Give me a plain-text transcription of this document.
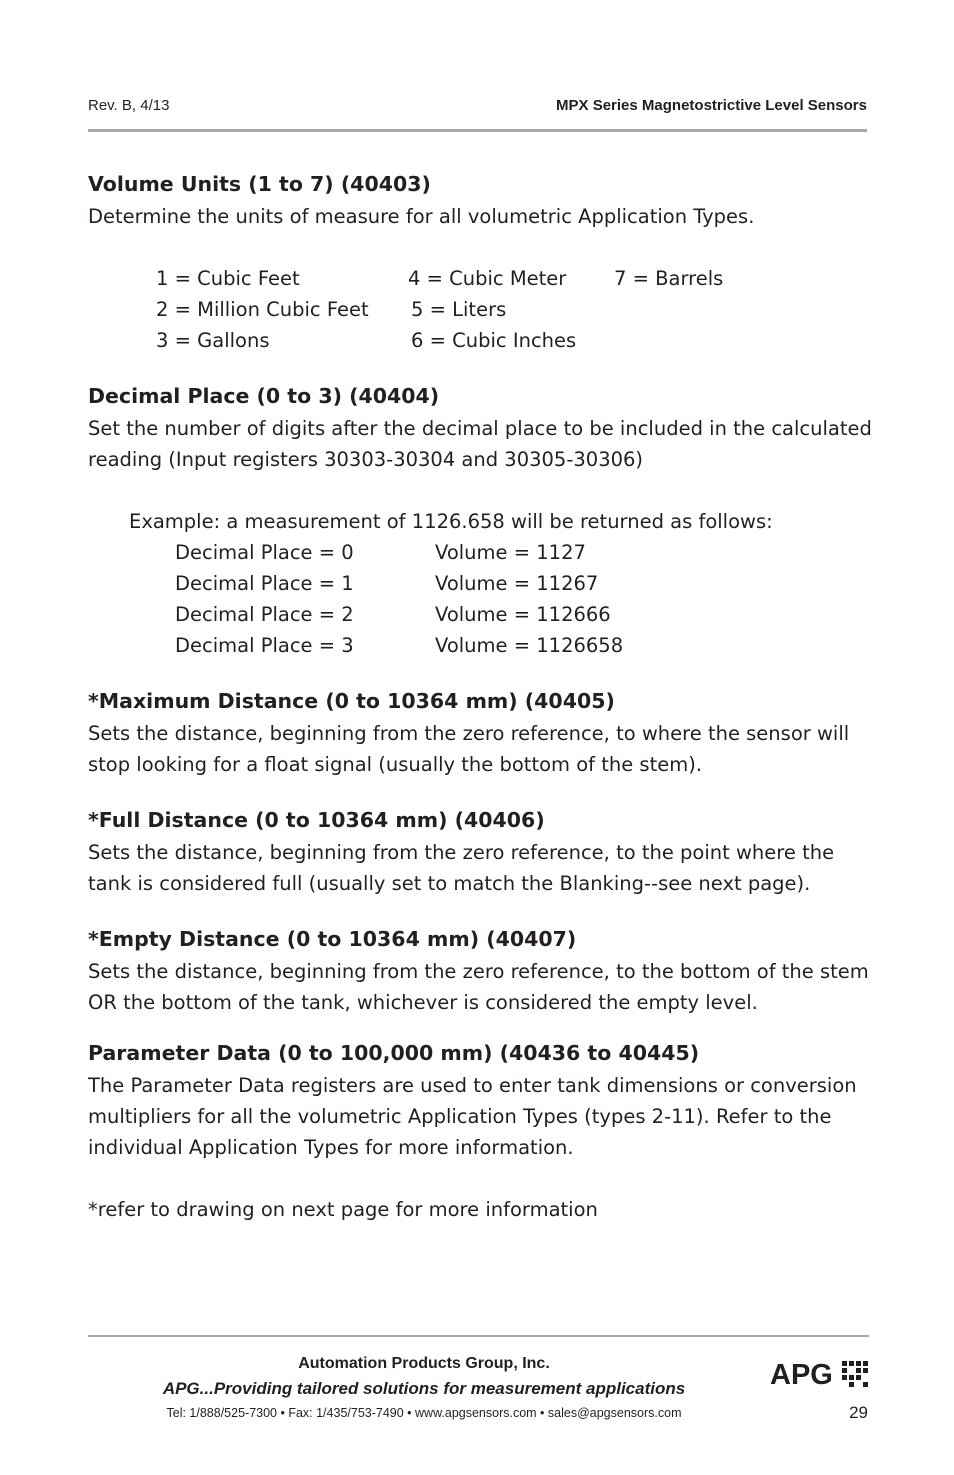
Rev. B, 4/13	MPX Series Magnetostrictive Level Sensors

Volume Units (1 to 7) (40403)

Determine the units of measure for all volumetric Application Types.

1 = Cubic Feet	4 = Cubic Meter 7 = Barrels
2 = Million Cubic Feet 5 = Liters
3 = Gallons	6 = Cubic Inches

Decimal Place (0 to 3) (40404)

Set the number of digits after the decimal place to be included in the calculated reading (Input registers 30303-30304 and 30305-30306)

Example: a measurement of 1126.658 will be returned as follows:

Decimal Place = 0	Volume = 1127
Decimal Place = 1	Volume = 11267
Decimal Place = 2	Volume = 112666
Decimal Place = 3	Volume = 1126658

*Maximum Distance (0 to 10364 mm) (40405)

Sets the distance, beginning from the zero reference, to where the sensor will stop looking for a float signal (usually the bottom of the stem).

*Full Distance (0 to 10364 mm) (40406)

Sets the distance, beginning from the zero reference, to the point where the tank is considered full (usually set to match the Blanking--see next page).

*Empty Distance (0 to 10364 mm) (40407)

Sets the distance, beginning from the zero reference, to the bottom of the stem OR the bottom of the tank, whichever is considered the empty level.

Parameter Data (0 to 100,000 mm) (40436 to 40445)

The Parameter Data registers are used to enter tank dimensions or conversion multipliers for all the volumetric Application Types (types 2-11). Refer to the individual Application Types for more information.

*refer to drawing on next page for more information

Automation Products Group, Inc.
APG...Providing tailored solutions for measurement applications
Tel: 1/888/525-7300 • Fax: 1/435/753-7490 • www.apgsensors.com • sales@apgsensors.com
APG
29
